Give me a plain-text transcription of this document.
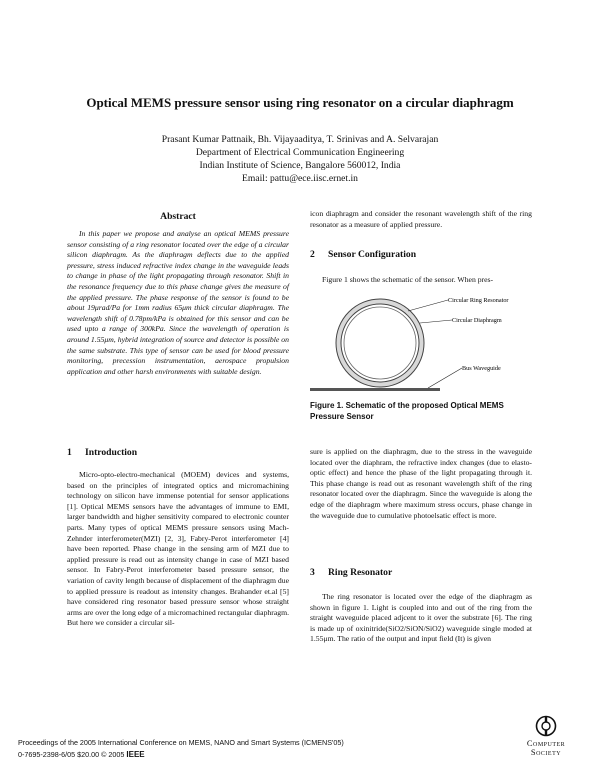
Optical MEMS pressure sensor using ring resonator on a circular diaphragm
Prasant Kumar Pattnaik, Bh. Vijayaaditya, T. Srinivas and A. Selvarajan
Department of Electrical Communication Engineering
Indian Institute of Science, Bangalore 560012, India
Email: pattu@ece.iisc.ernet.in
Abstract
In this paper we propose and analyse an optical MEMS pressure sensor consisting of a ring resonator located over the edge of a circular silicon diaphragm. As the diaphragm deflects due to the applied pressure, stress induced refractive index change in the waveguide leads to change in phase of the light propagating through resonator. Shift in the resonance frequency due to this phase change gives the measure of the applied pressure. The phase response of the sensor is found to be about 19μrad/Pa for 1mm radius 65μm thick circular diaphragm. The wavelength shift of 0.78pm/kPa is obtained for this sensor and can be used upto a range of 300kPa. Since the wavelength of operation is around 1.55μm, hybrid integration of source and detector is possible on the same substrate. This type of sensor can be used for blood pressure monitoring, precession instrumentation, aerospace propulsion application and other harsh environments with suitable design.
1 Introduction

Micro-opto-electro-mechanical (MOEM) devices and systems, based on the principles of integrated optics and micromachining technology on silicon have immense potential for sensor applications [1]. Optical MEMS sensors have the advantages of immune to EMI, larger bandwidth and higher sensitivity compared to electronic counter parts. Many types of optical MEMS pressure sensors using Mach-Zehnder interferometer(MZI) [2, 3], Fabry-Perot interferometer [4] have been reported. Phase change in the sensing arm of MZI due to applied pressure is read out as intensity change in case of MZI based sensor. In Fabry-Perot interferometer based pressure sensor, the variation of cavity length because of displacement of the diaphragm due to applied pressure is readout as intensity changes. Brahander et.al [5] have considered ring resonator based pressure sensor whose straight arms are over the long edge of a micromachined rectangular diaphragm. But here we consider a circular sil-

icon diaphragm and consider the resonant wavelength shift of the ring resonator as a measure of applied pressure.

2 Sensor Configuration

Figure 1 shows the schematic of the sensor. When pres-

Circular Ring Resonator
Circular Diaphragm
Bus Waveguide
Figure 1. Schematic of the proposed Optical MEMS Pressure Sensor

sure is applied on the diaphragm, due to the stress in the waveguide located over the diaphram, the refractive index changes (due to elasto-optic effect) and hence the phase of the light propagating through it. This phase change is read out as resonant wavelength shift of the ring resonator located over the diaphragm. Since the waveguide is along the edge of the diaphragm where maximum stress occurs, phase change in the waveguide due to cumulative photoelsatic effect is more.

3 Ring Resonator

The ring resonator is located over the edge of the diaphragm as shown in figure 1. Light is coupled into and out of the ring from the straight waveguide placed adjcent to it over the substrate [6]. The ring is made up of oxinitride(SiO2/SiON/SiO2) waveguide single moded at 1.55μm. The ratio of the output and input field (It) is given

Proceedings of the 2005 International Conference on MEMS, NANO and Smart Systems (ICMENS'05)
0-7695-2398-6/05 $20.00 © 2005 IEEE
Computer
Society
